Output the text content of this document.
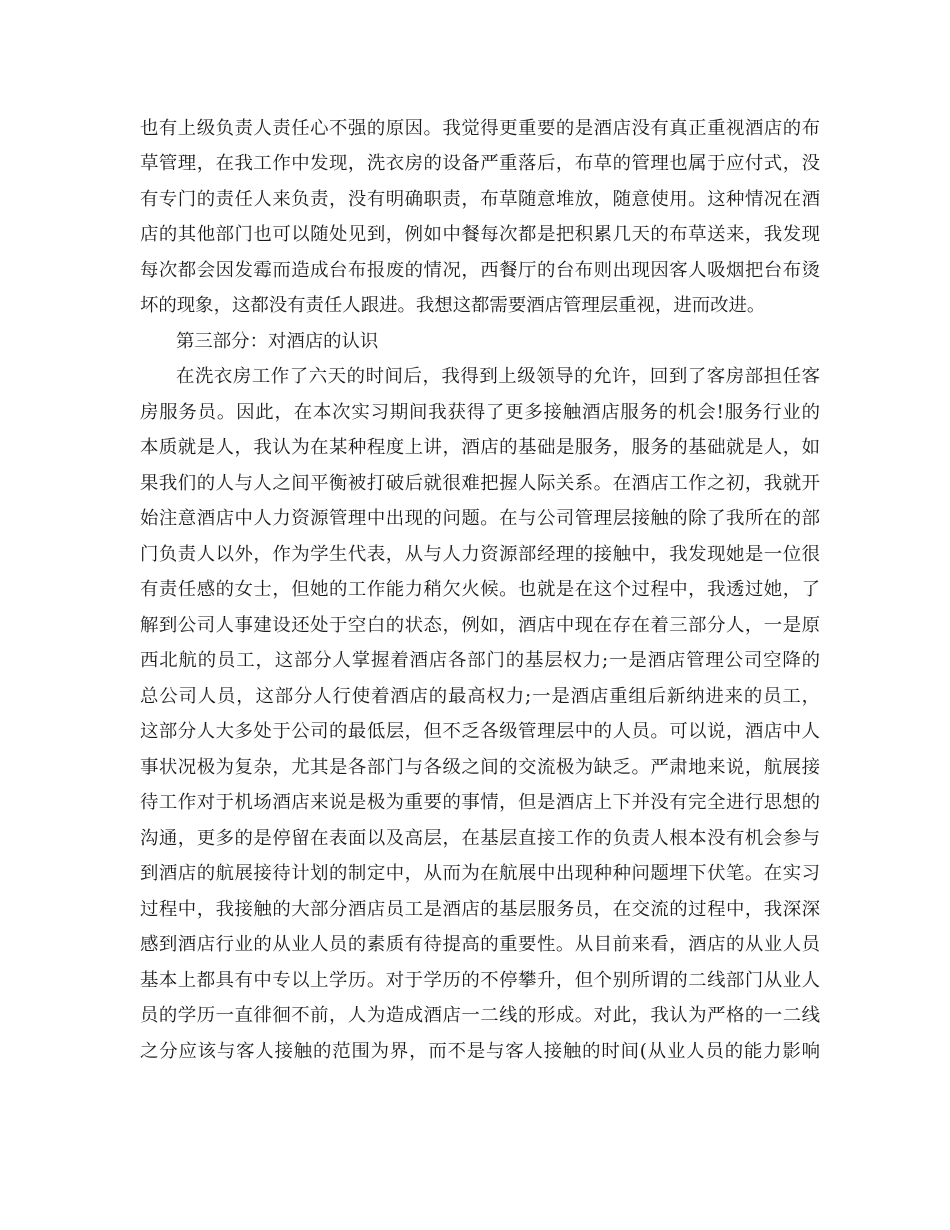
也有上级负责人责任心不强的原因。我觉得更重要的是酒店没有真正重视酒店的布
草管理，在我工作中发现，洗衣房的设备严重落后，布草的管理也属于应付式，没
有专门的责任人来负责，没有明确职责，布草随意堆放，随意使用。这种情况在酒
店的其他部门也可以随处见到，例如中餐每次都是把积累几天的布草送来，我发现
每次都会因发霉而造成台布报废的情况，西餐厅的台布则出现因客人吸烟把台布烫
坏的现象，这都没有责任人跟进。我想这都需要酒店管理层重视，进而改进。
第三部分：对酒店的认识
在洗衣房工作了六天的时间后，我得到上级领导的允许，回到了客房部担任客
房服务员。因此，在本次实习期间我获得了更多接触酒店服务的机会!服务行业的
本质就是人，我认为在某种程度上讲，酒店的基础是服务，服务的基础就是人，如
果我们的人与人之间平衡被打破后就很难把握人际关系。在酒店工作之初，我就开
始注意酒店中人力资源管理中出现的问题。在与公司管理层接触的除了我所在的部
门负责人以外，作为学生代表，从与人力资源部经理的接触中，我发现她是一位很
有责任感的女士，但她的工作能力稍欠火候。也就是在这个过程中，我透过她，了
解到公司人事建设还处于空白的状态，例如，酒店中现在存在着三部分人，一是原
西北航的员工，这部分人掌握着酒店各部门的基层权力;一是酒店管理公司空降的
总公司人员，这部分人行使着酒店的最高权力;一是酒店重组后新纳进来的员工，
这部分人大多处于公司的最低层，但不乏各级管理层中的人员。可以说，酒店中人
事状况极为复杂，尤其是各部门与各级之间的交流极为缺乏。严肃地来说，航展接
待工作对于机场酒店来说是极为重要的事情，但是酒店上下并没有完全进行思想的
沟通，更多的是停留在表面以及高层，在基层直接工作的负责人根本没有机会参与
到酒店的航展接待计划的制定中，从而为在航展中出现种种问题埋下伏笔。在实习
过程中，我接触的大部分酒店员工是酒店的基层服务员，在交流的过程中，我深深
感到酒店行业的从业人员的素质有待提高的重要性。从目前来看，酒店的从业人员
基本上都具有中专以上学历。对于学历的不停攀升，但个别所谓的二线部门从业人
员的学历一直徘徊不前，人为造成酒店一二线的形成。对此，我认为严格的一二线
之分应该与客人接触的范围为界，而不是与客人接触的时间(从业人员的能力影响
